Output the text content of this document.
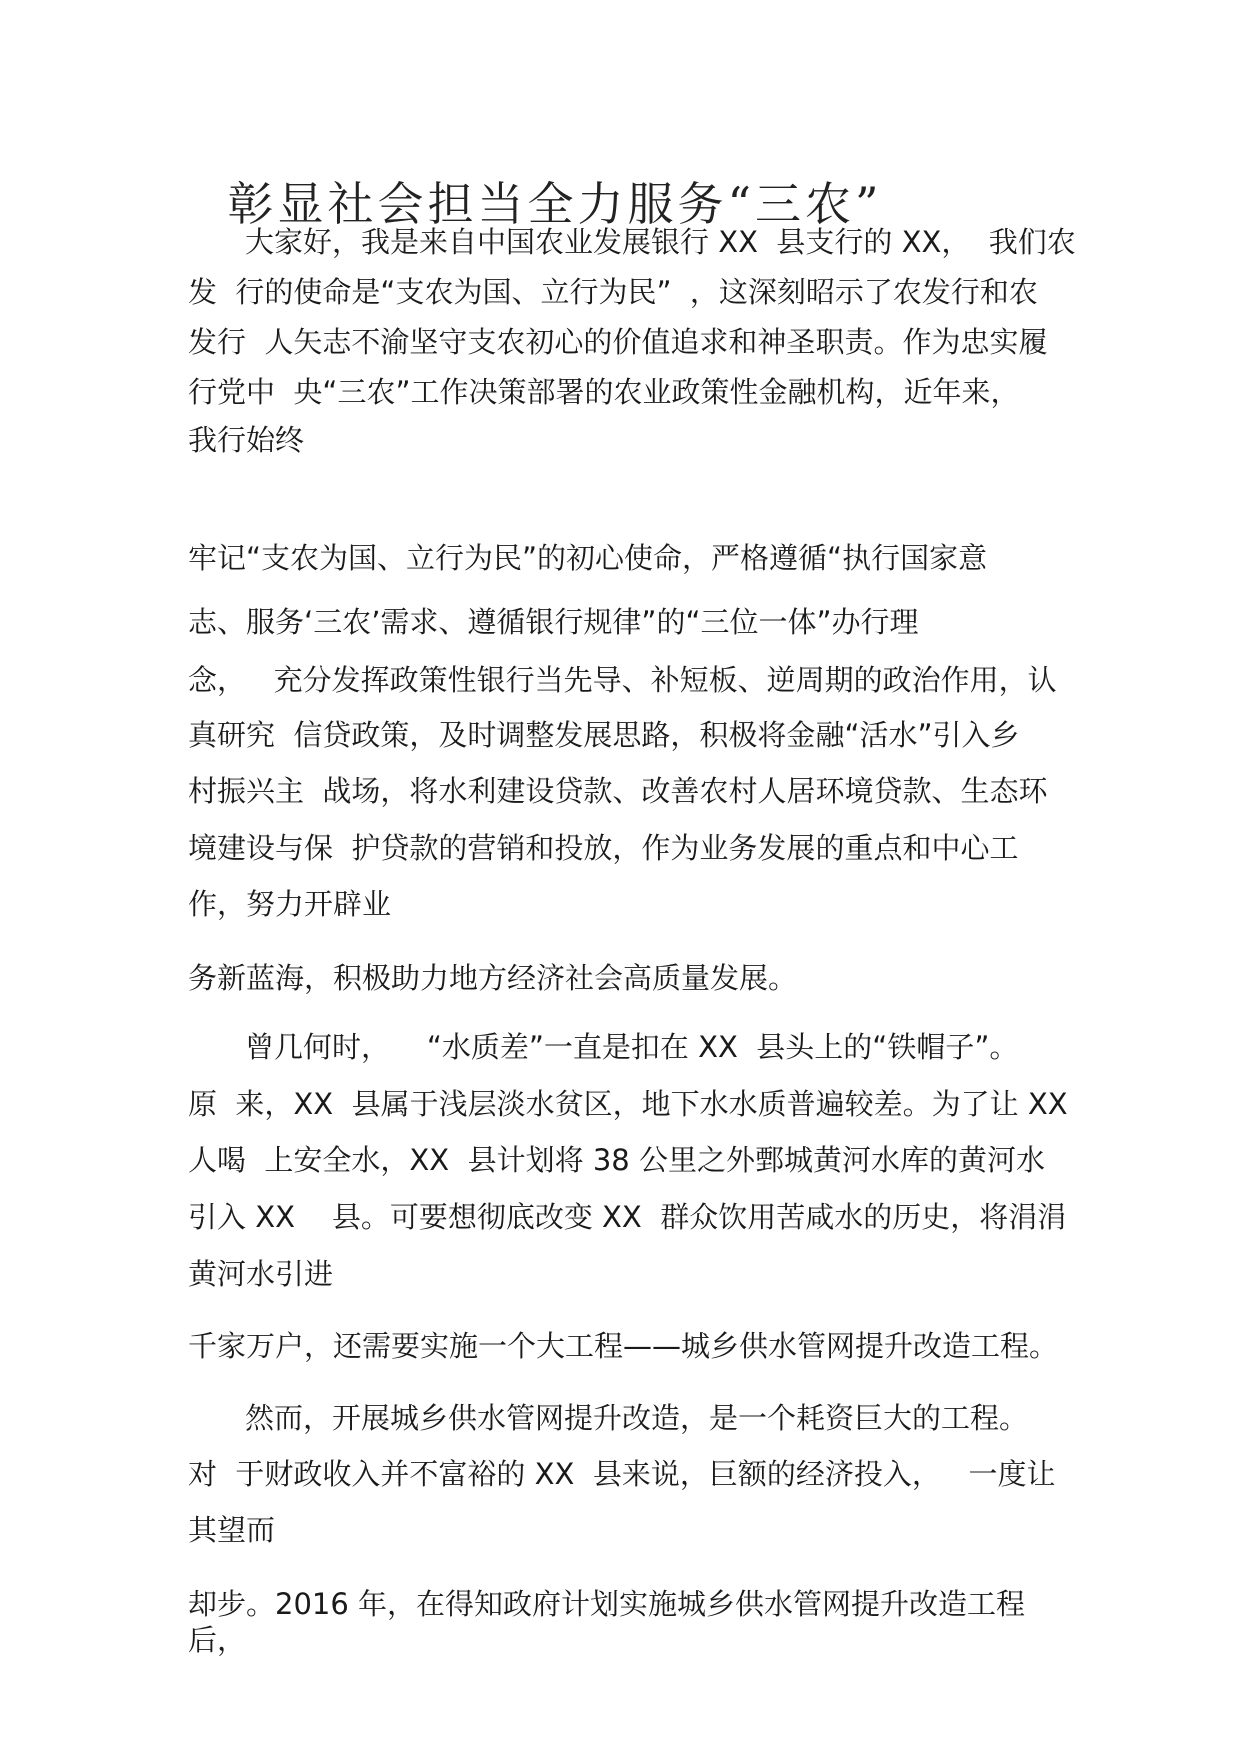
彰显社会担当全力服务“三农”

大家好，我是来自中国农业发展银行 XX  县支行的 XX，  我们农

发  行的使命是“支农为国、立行为民”  ，这深刻昭示了农发行和农

发行  人矢志不渝坚守支农初心的价值追求和神圣职责。作为忠实履

行党中  央“三农”工作决策部署的农业政策性金融机构，近年来，

我行始终

牢记“支农为国、立行为民”的初心使命，严格遵循“执行国家意

志、服务‘三农’需求、遵循银行规律”的“三位一体”办行理

念，   充分发挥政策性银行当先导、补短板、逆周期的政治作用，认

真研究  信贷政策，及时调整发展思路，积极将金融“活水”引入乡

村振兴主  战场，将水利建设贷款、改善农村人居环境贷款、生态环

境建设与保  护贷款的营销和投放，作为业务发展的重点和中心工

作，努力开辟业

务新蓝海，积极助力地方经济社会高质量发展。

曾几何时，    “水质差”一直是扣在 XX  县头上的“铁帽子”。

原  来，XX  县属于浅层淡水贫区，地下水水质普遍较差。为了让 XX

人喝  上安全水，XX  县计划将 38 公里之外鄄城黄河水库的黄河水

引入 XX    县。可要想彻底改变 XX  群众饮用苦咸水的历史，将涓涓

黄河水引进

千家万户，还需要实施一个大工程——城乡供水管网提升改造工程。

然而，开展城乡供水管网提升改造，是一个耗资巨大的工程。

对  于财政收入并不富裕的 XX  县来说，巨额的经济投入，   一度让

其望而

却步。2016 年，在得知政府计划实施城乡供水管网提升改造工程

后，
